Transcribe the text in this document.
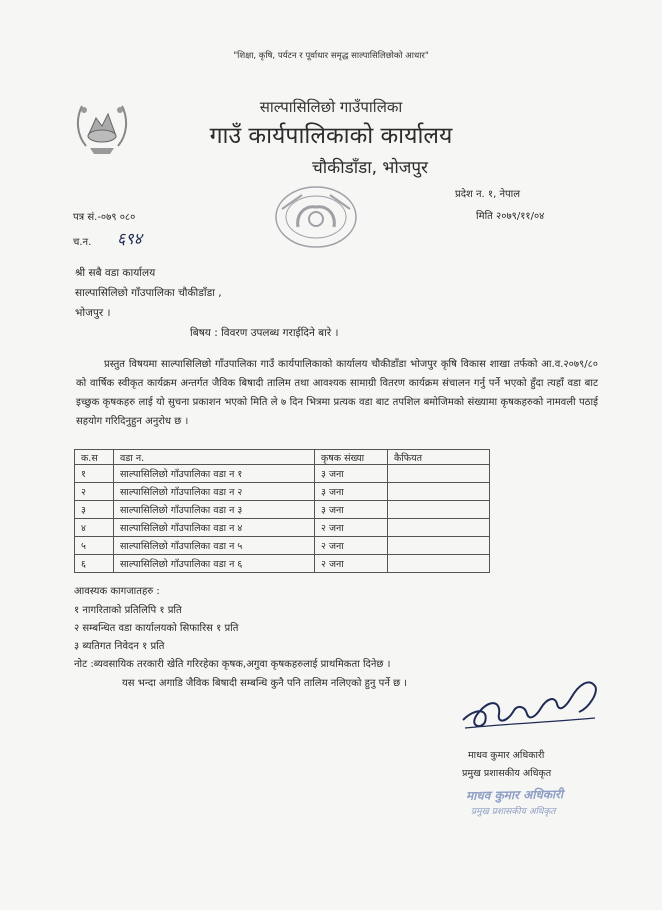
"शिक्षा, कृषि, पर्यटन र पूर्वाधार समृद्ध साल्पासिलिछोको आधार"
साल्पासिलिछो गाउँपालिका
गाउँ कार्यपालिकाको कार्यालय
चौकीडाँडा, भोजपुर
प्रदेश न. १, नेपाल
पत्र सं.-०७९ ०८०	मिति २०७९/११/०४
च.न. ६९४
श्री सबै वडा कार्यालय
साल्पासिलिछो गाँउपालिका चौकीडाँडा ,
भोजपुर ।
बिषय : विवरण उपलब्ध गराईदिने बारे ।
प्रस्तुत विषयमा साल्पासिलिछो गाँउपालिका गाउँ कार्यपालिकाको कार्यालय चौकीडाँडा भोजपुर कृषि विकास शाखा तर्फको आ.व.२०७९/८० को वार्षिक स्वीकृत कार्यक्रम अन्तर्गत जैविक बिषादी तालिम तथा आवश्यक सामाग्री वितरण कार्यक्रम संचालन गर्नु पर्ने भएको हुँदा त्यहाँ वडा बाट इच्छुक कृषकहरु लाई यो सुचना प्रकाशन भएको मिति ले ७ दिन भित्रमा प्रत्यक वडा बाट तपशिल बमोजिमको संख्यामा कृषकहरुको नामवली पठाई सहयोग गरिदिनुहुन अनुरोध छ ।
क.स	वडा न.	कृषक संख्या	कैफियत
१	साल्पासिलिछो गाँउपालिका वडा न १	३ जना	
२	साल्पासिलिछो गाँउपालिका वडा न २	३ जना	
३	साल्पासिलिछो गाँउपालिका वडा न ३	३ जना	
४	साल्पासिलिछो गाँउपालिका वडा न ४	२ जना	
५	साल्पासिलिछो गाँउपालिका वडा न ५	२ जना	
६	साल्पासिलिछो गाँउपालिका वडा न ६	२ जना	
आवस्यक कागजातहरु :
१ नागरिताको प्रतिलिपि १ प्रति
२ सम्बन्धित वडा कार्यालयको सिफारिस १ प्रति
३ ब्यतिगत निवेदन १ प्रति
नोट :ब्यवसायिक तरकारी खेति गरिरहेका कृषक,अगुवा कृषकहरुलाई प्राथमिकता दिनेछ ।
यस भन्दा अगाडि जैविक बिषादी सम्बन्धि कुनै पनि तालिम नलिएको हुनु पर्ने छ ।
माधव कुमार अधिकारी
प्रमुख प्रशासकीय अधिकृत
माधव कुमार अधिकारी
प्रमुख प्रशासकीय अधिकृत
